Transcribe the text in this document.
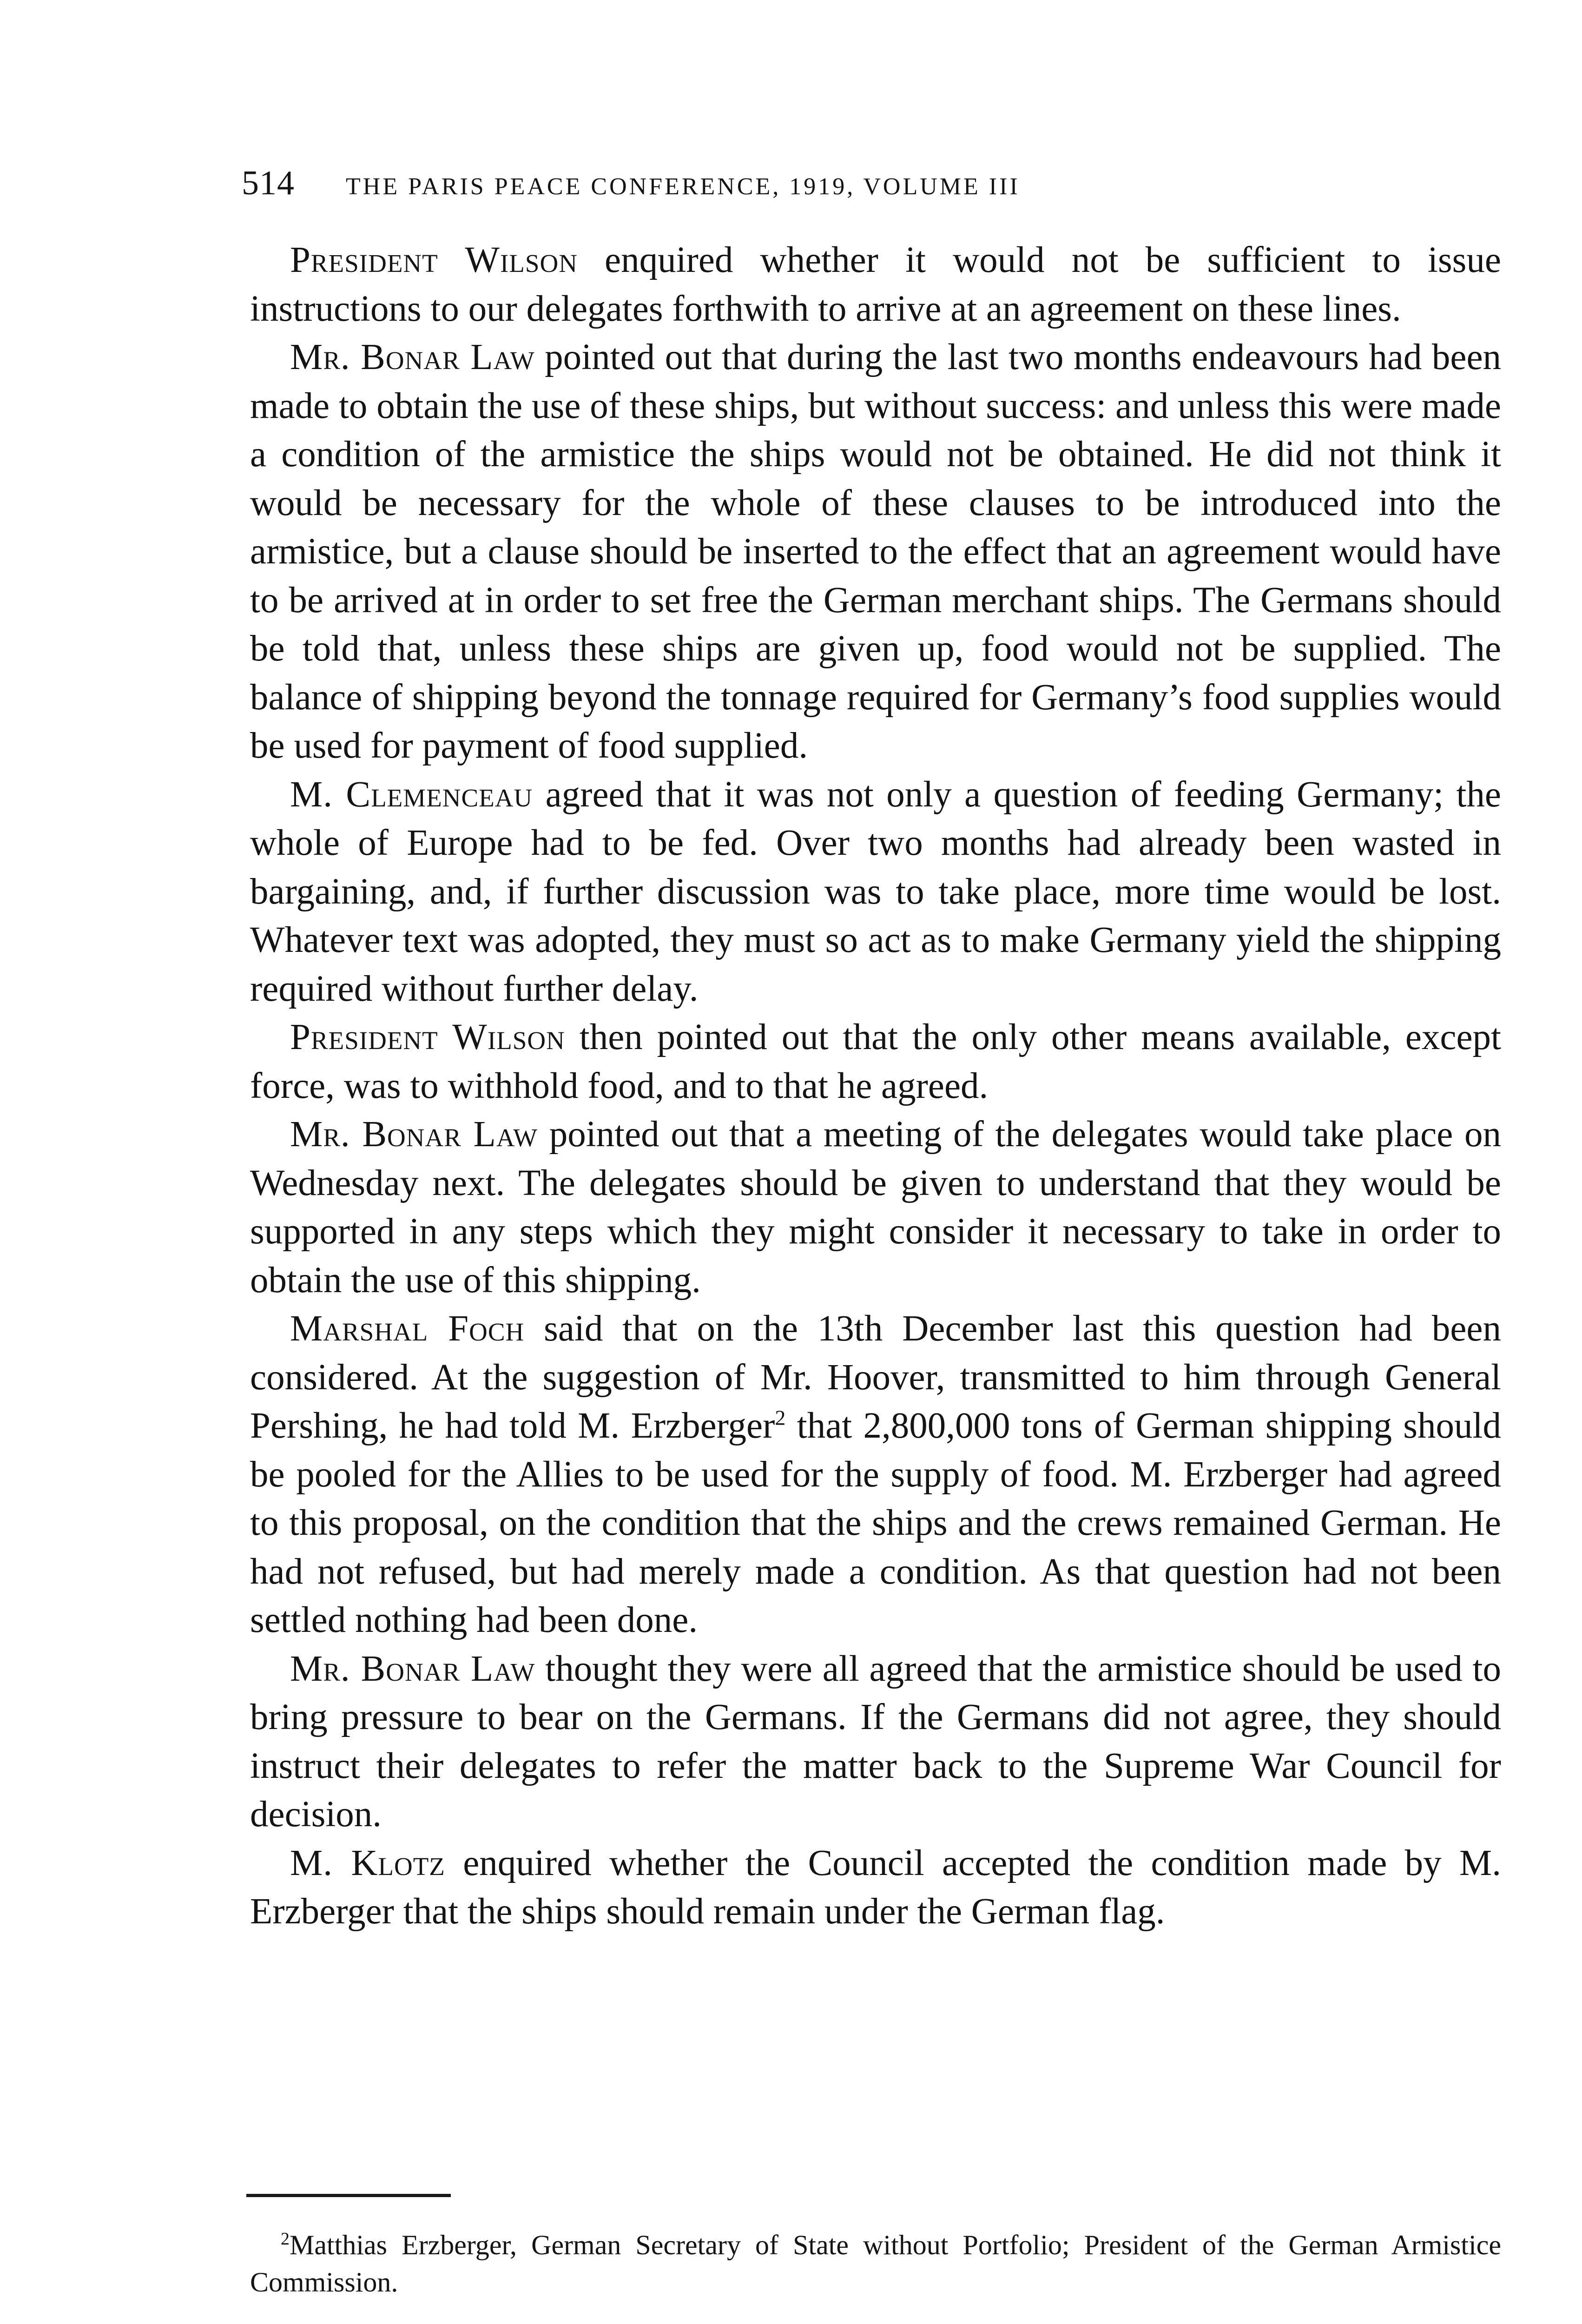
514 THE PARIS PEACE CONFERENCE, 1919, VOLUME III

President Wilson enquired whether it would not be sufficient to issue instructions to our delegates forthwith to arrive at an agreement on these lines.

Mr. Bonar Law pointed out that during the last two months endeavours had been made to obtain the use of these ships, but without success: and unless this were made a condition of the armistice the ships would not be obtained. He did not think it would be necessary for the whole of these clauses to be introduced into the armistice, but a clause should be inserted to the effect that an agreement would have to be arrived at in order to set free the German merchant ships. The Germans should be told that, unless these ships are given up, food would not be supplied. The balance of shipping beyond the tonnage required for Germany’s food supplies would be used for payment of food supplied.

M. Clemenceau agreed that it was not only a question of feeding Germany; the whole of Europe had to be fed. Over two months had already been wasted in bargaining, and, if further discussion was to take place, more time would be lost. Whatever text was adopted, they must so act as to make Germany yield the shipping required without further delay.

President Wilson then pointed out that the only other means available, except force, was to withhold food, and to that he agreed.

Mr. Bonar Law pointed out that a meeting of the delegates would take place on Wednesday next. The delegates should be given to understand that they would be supported in any steps which they might consider it necessary to take in order to obtain the use of this shipping.

Marshal Foch said that on the 13th December last this question had been considered. At the suggestion of Mr. Hoover, transmitted to him through General Pershing, he had told M. Erzberger$^2$ that 2,800,000 tons of German shipping should be pooled for the Allies to be used for the supply of food. M. Erzberger had agreed to this proposal, on the condition that the ships and the crews remained German. He had not refused, but had merely made a condition. As that question had not been settled nothing had been done.

Mr. Bonar Law thought they were all agreed that the armistice should be used to bring pressure to bear on the Germans. If the Germans did not agree, they should instruct their delegates to refer the matter back to the Supreme War Council for decision.

M. Klotz enquired whether the Council accepted the condition made by M. Erzberger that the ships should remain under the German flag.

$^2$Matthias Erzberger, German Secretary of State without Portfolio; President of the German Armistice Commission.
